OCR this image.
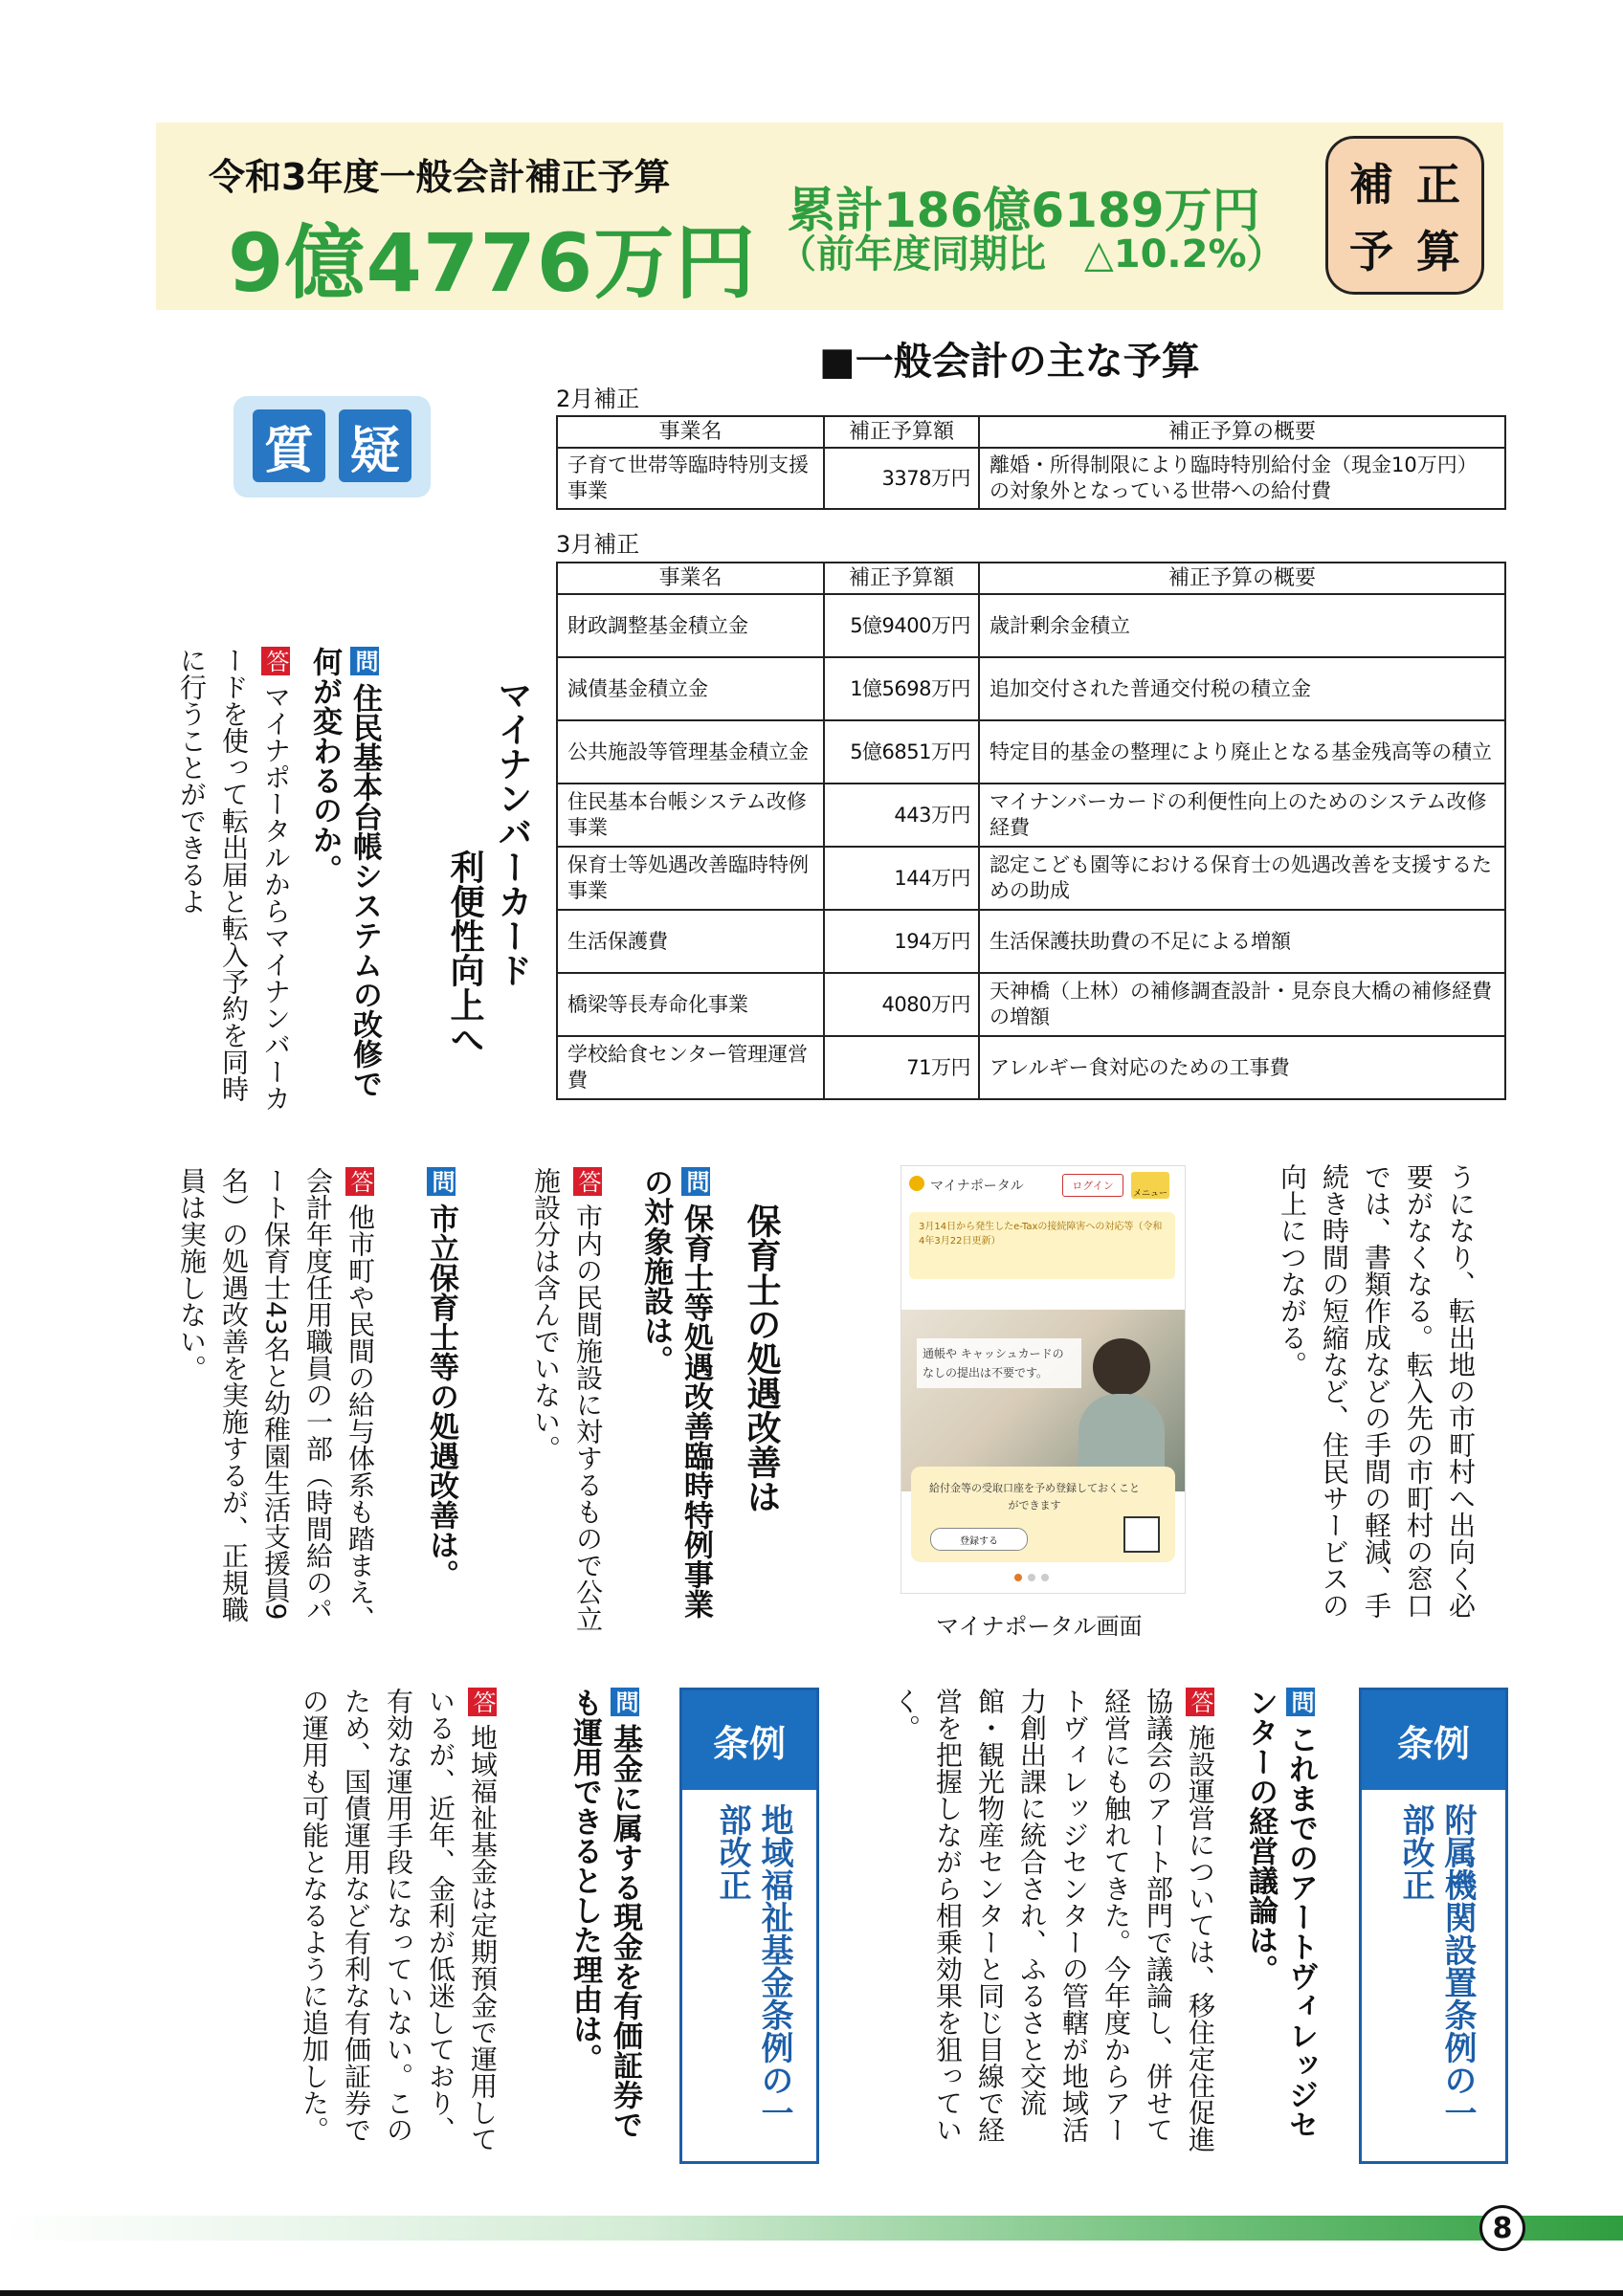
令和3年度一般会計補正予算
9億4776万円
累計186億6189万円
（前年度同期比　△10.2%）
補 正
予 算
■一般会計の主な予算
質 疑
2月補正
事業名	補正予算額	補正予算の概要
子育て世帯等臨時特別支援事業	3378万円	離婚・所得制限により臨時特別給付金（現金10万円）の対象外となっている世帯への給付費
3月補正
事業名	補正予算額	補正予算の概要
財政調整基金積立金	5億9400万円	歳計剰余金積立
減債基金積立金	1億5698万円	追加交付された普通交付税の積立金
公共施設等管理基金積立金	5億6851万円	特定目的基金の整理により廃止となる基金残高等の積立
住民基本台帳システム改修事業	443万円	マイナンバーカードの利便性向上のためのシステム改修経費
保育士等処遇改善臨時特例事業	144万円	認定こども園等における保育士の処遇改善を支援するための助成
生活保護費	194万円	生活保護扶助費の不足による増額
橋梁等長寿命化事業	4080万円	天神橋（上林）の補修調査設計・見奈良大橋の補修経費の増額
学校給食センター管理運営費	71万円	アレルギー食対応のための工事費
マイナンバーカード
利便性向上へ
問住民基本台帳システムの改修で何が変わるのか。
答マイナポータルからマイナンバーカードを使って転出届と転入予約を同時に行うことができるよ
うになり、転出地の市町村へ出向く必要がなくなる。転入先の市町村の窓口では、書類作成などの手間の軽減、手続き時間の短縮など、住民サービスの向上につながる。
マイナポータル	ログイン
メニュー
3月14日から発生したe-Taxの接続障害への対応等（令和4年3月22日更新）
通帳や キャッシュカードの なしの提出は不要です。
給付金等の受取口座を予め登録しておくことができます
登録する
マイナポータル画面
保育士の処遇改善は
問保育士等処遇改善臨時特例事業の対象施設は。
答市内の民間施設に対するもので公立施設分は含んでいない。
問市立保育士等の処遇改善は。
答他市町や民間の給与体系も踏まえ、会計年度任用職員の一部（時間給のパート保育士43名と幼稚園生活支援員9名）の処遇改善を実施するが、正規職員は実施しない。
条例
附属機関設置条例の一部改正
問これまでのアートヴィレッジセンターの経営議論は。
答施設運営については、移住定住促進協議会のアート部門で議論し、併せて経営にも触れてきた。今年度からアートヴィレッジセンターの管轄が地域活力創出課に統合され、ふるさと交流館・観光物産センターと同じ目線で経営を把握しながら相乗効果を狙っていく。
条例
地域福祉基金条例の一部改正
問基金に属する現金を有価証券でも運用できるとした理由は。
答地域福祉基金は定期預金で運用しているが、近年、金利が低迷しており、有効な運用手段になっていない。このため、国債運用など有利な有価証券での運用も可能となるように追加した。
8
